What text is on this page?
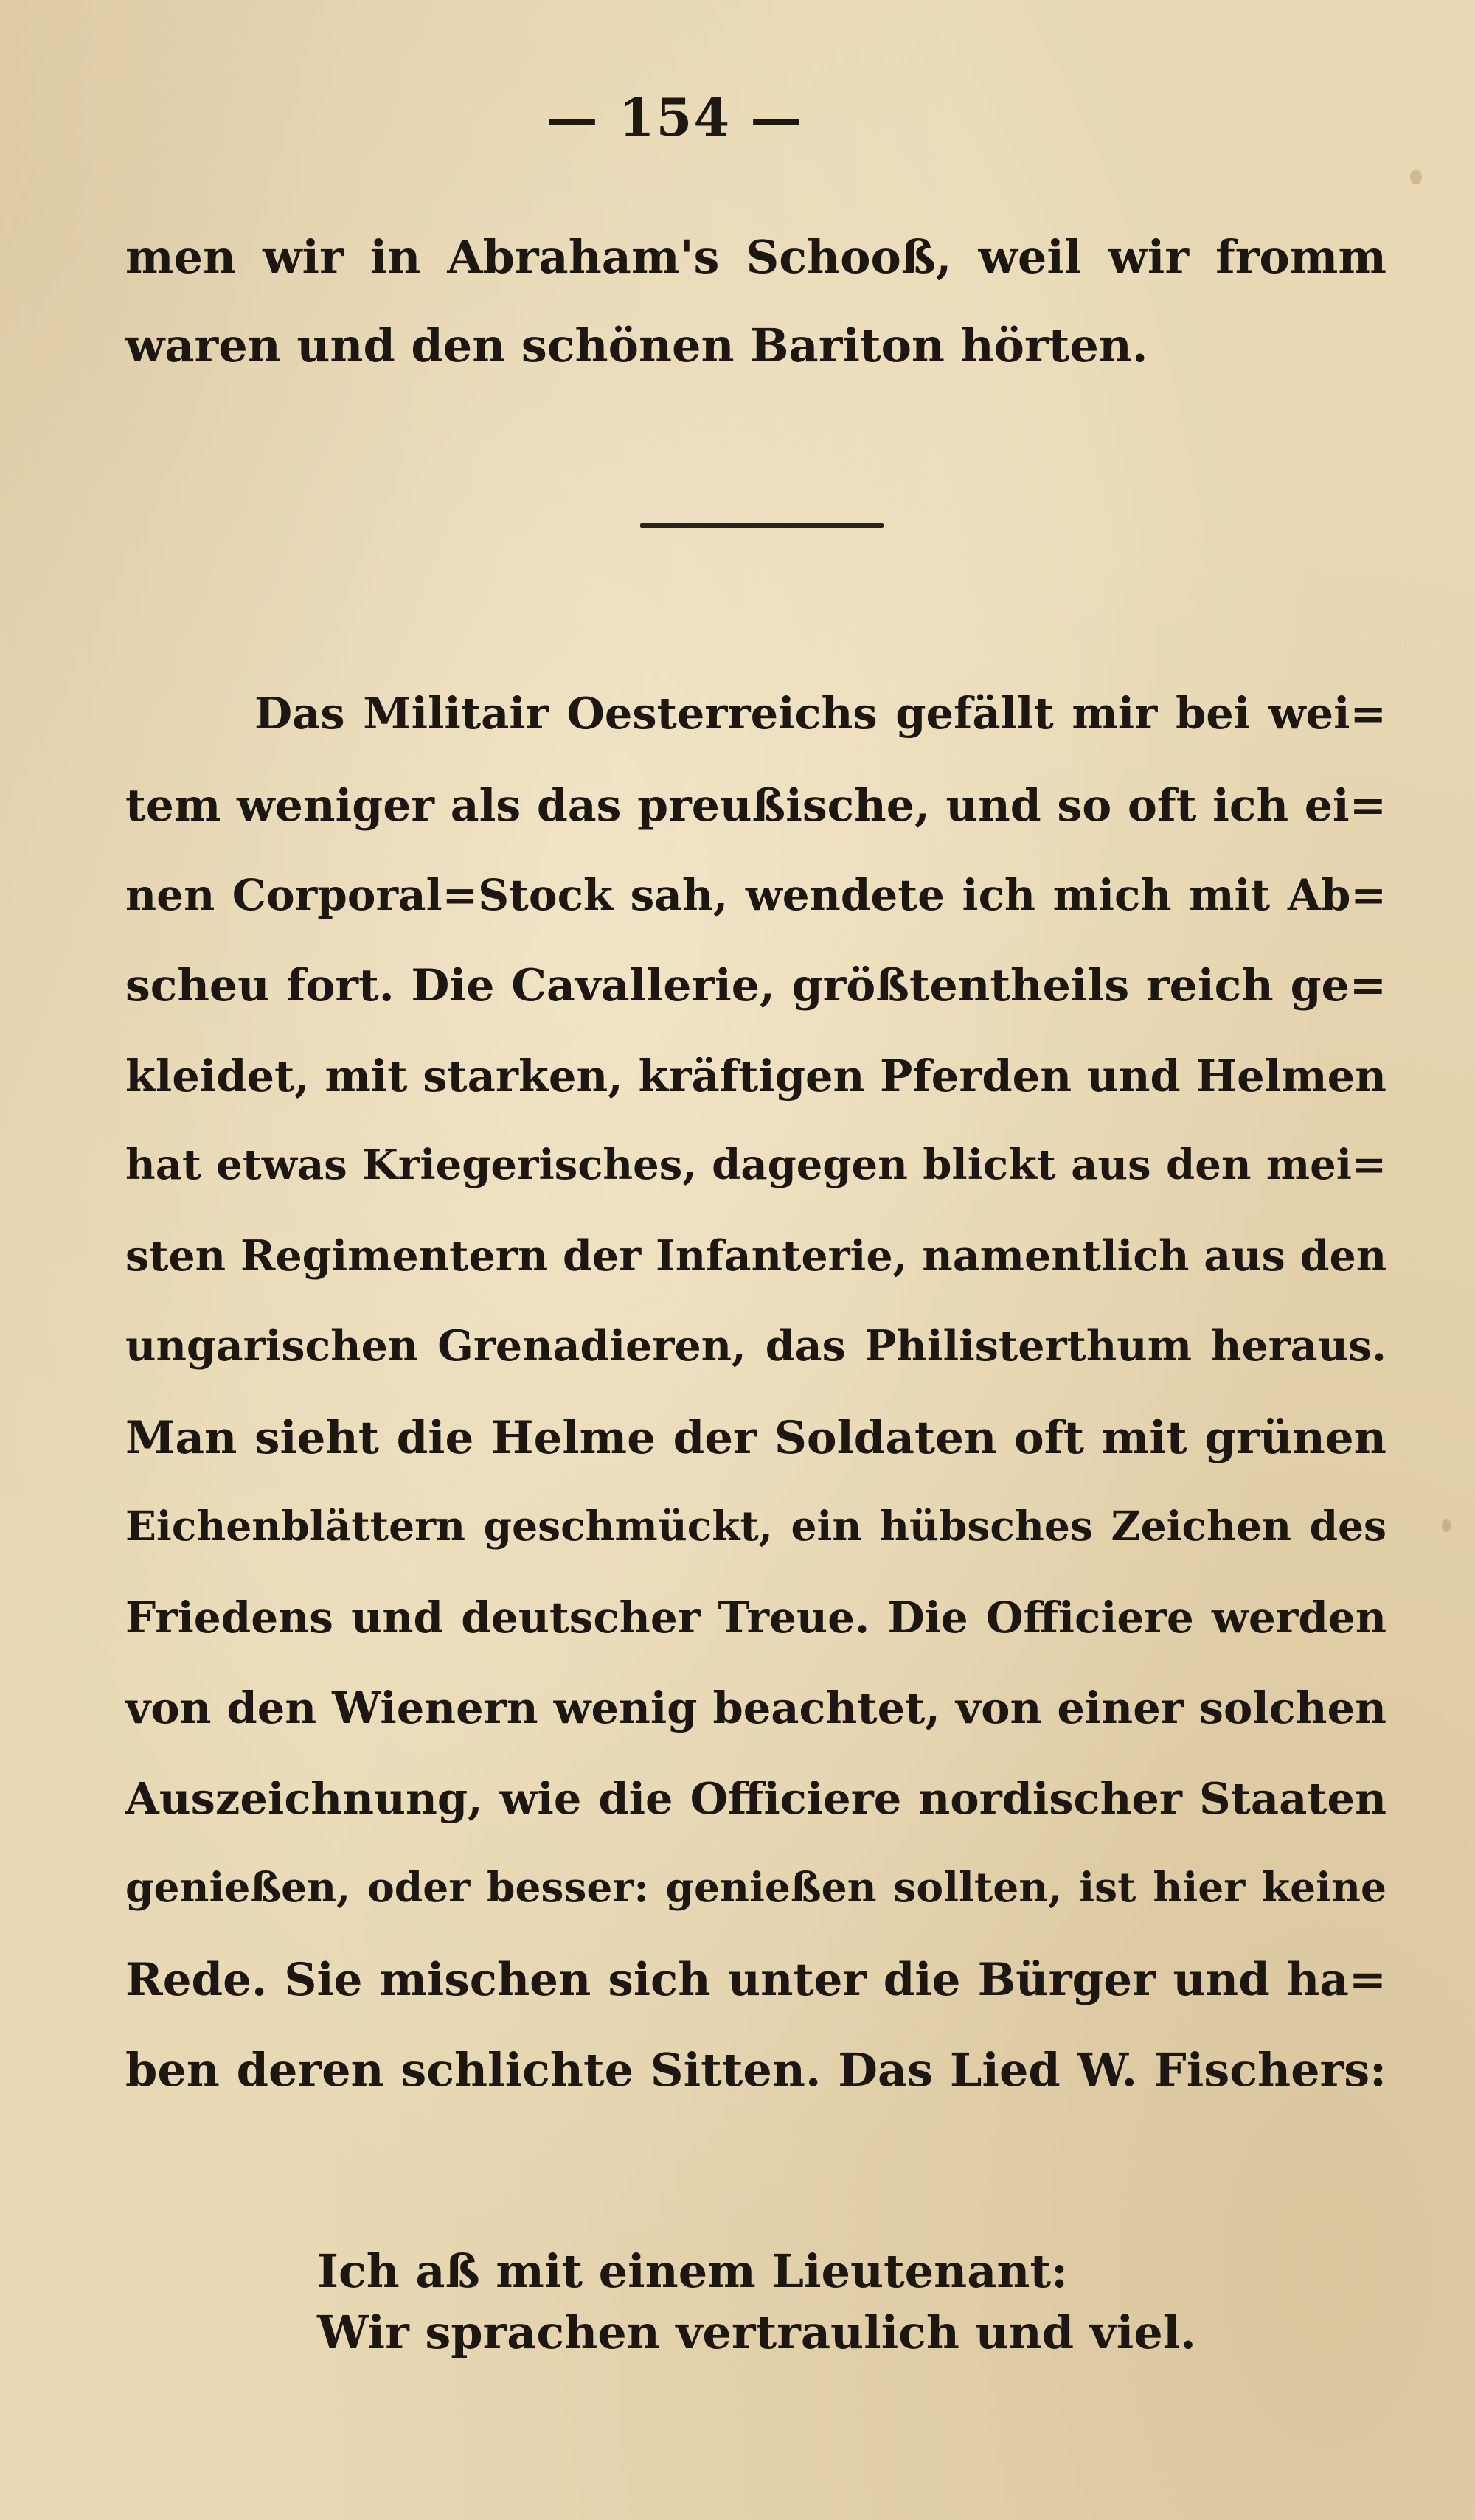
— 154 —
men wir in Abraham's Schooß, weil wir fromm
waren und den schönen Bariton hörten.
Das Militair Oesterreichs gefällt mir bei wei=
tem weniger als das preußische, und so oft ich ei=
nen Corporal=Stock sah, wendete ich mich mit Ab=
scheu fort. Die Cavallerie, größtentheils reich ge=
kleidet, mit starken, kräftigen Pferden und Helmen
hat etwas Kriegerisches, dagegen blickt aus den mei=
sten Regimentern der Infanterie, namentlich aus den
ungarischen Grenadieren, das Philisterthum heraus.
Man sieht die Helme der Soldaten oft mit grünen
Eichenblättern geschmückt, ein hübsches Zeichen des
Friedens und deutscher Treue. Die Officiere werden
von den Wienern wenig beachtet, von einer solchen
Auszeichnung, wie die Officiere nordischer Staaten
genießen, oder besser: genießen sollten, ist hier keine
Rede. Sie mischen sich unter die Bürger und ha=
ben deren schlichte Sitten. Das Lied W. Fischers:
Ich aß mit einem Lieutenant:
Wir sprachen vertraulich und viel.
